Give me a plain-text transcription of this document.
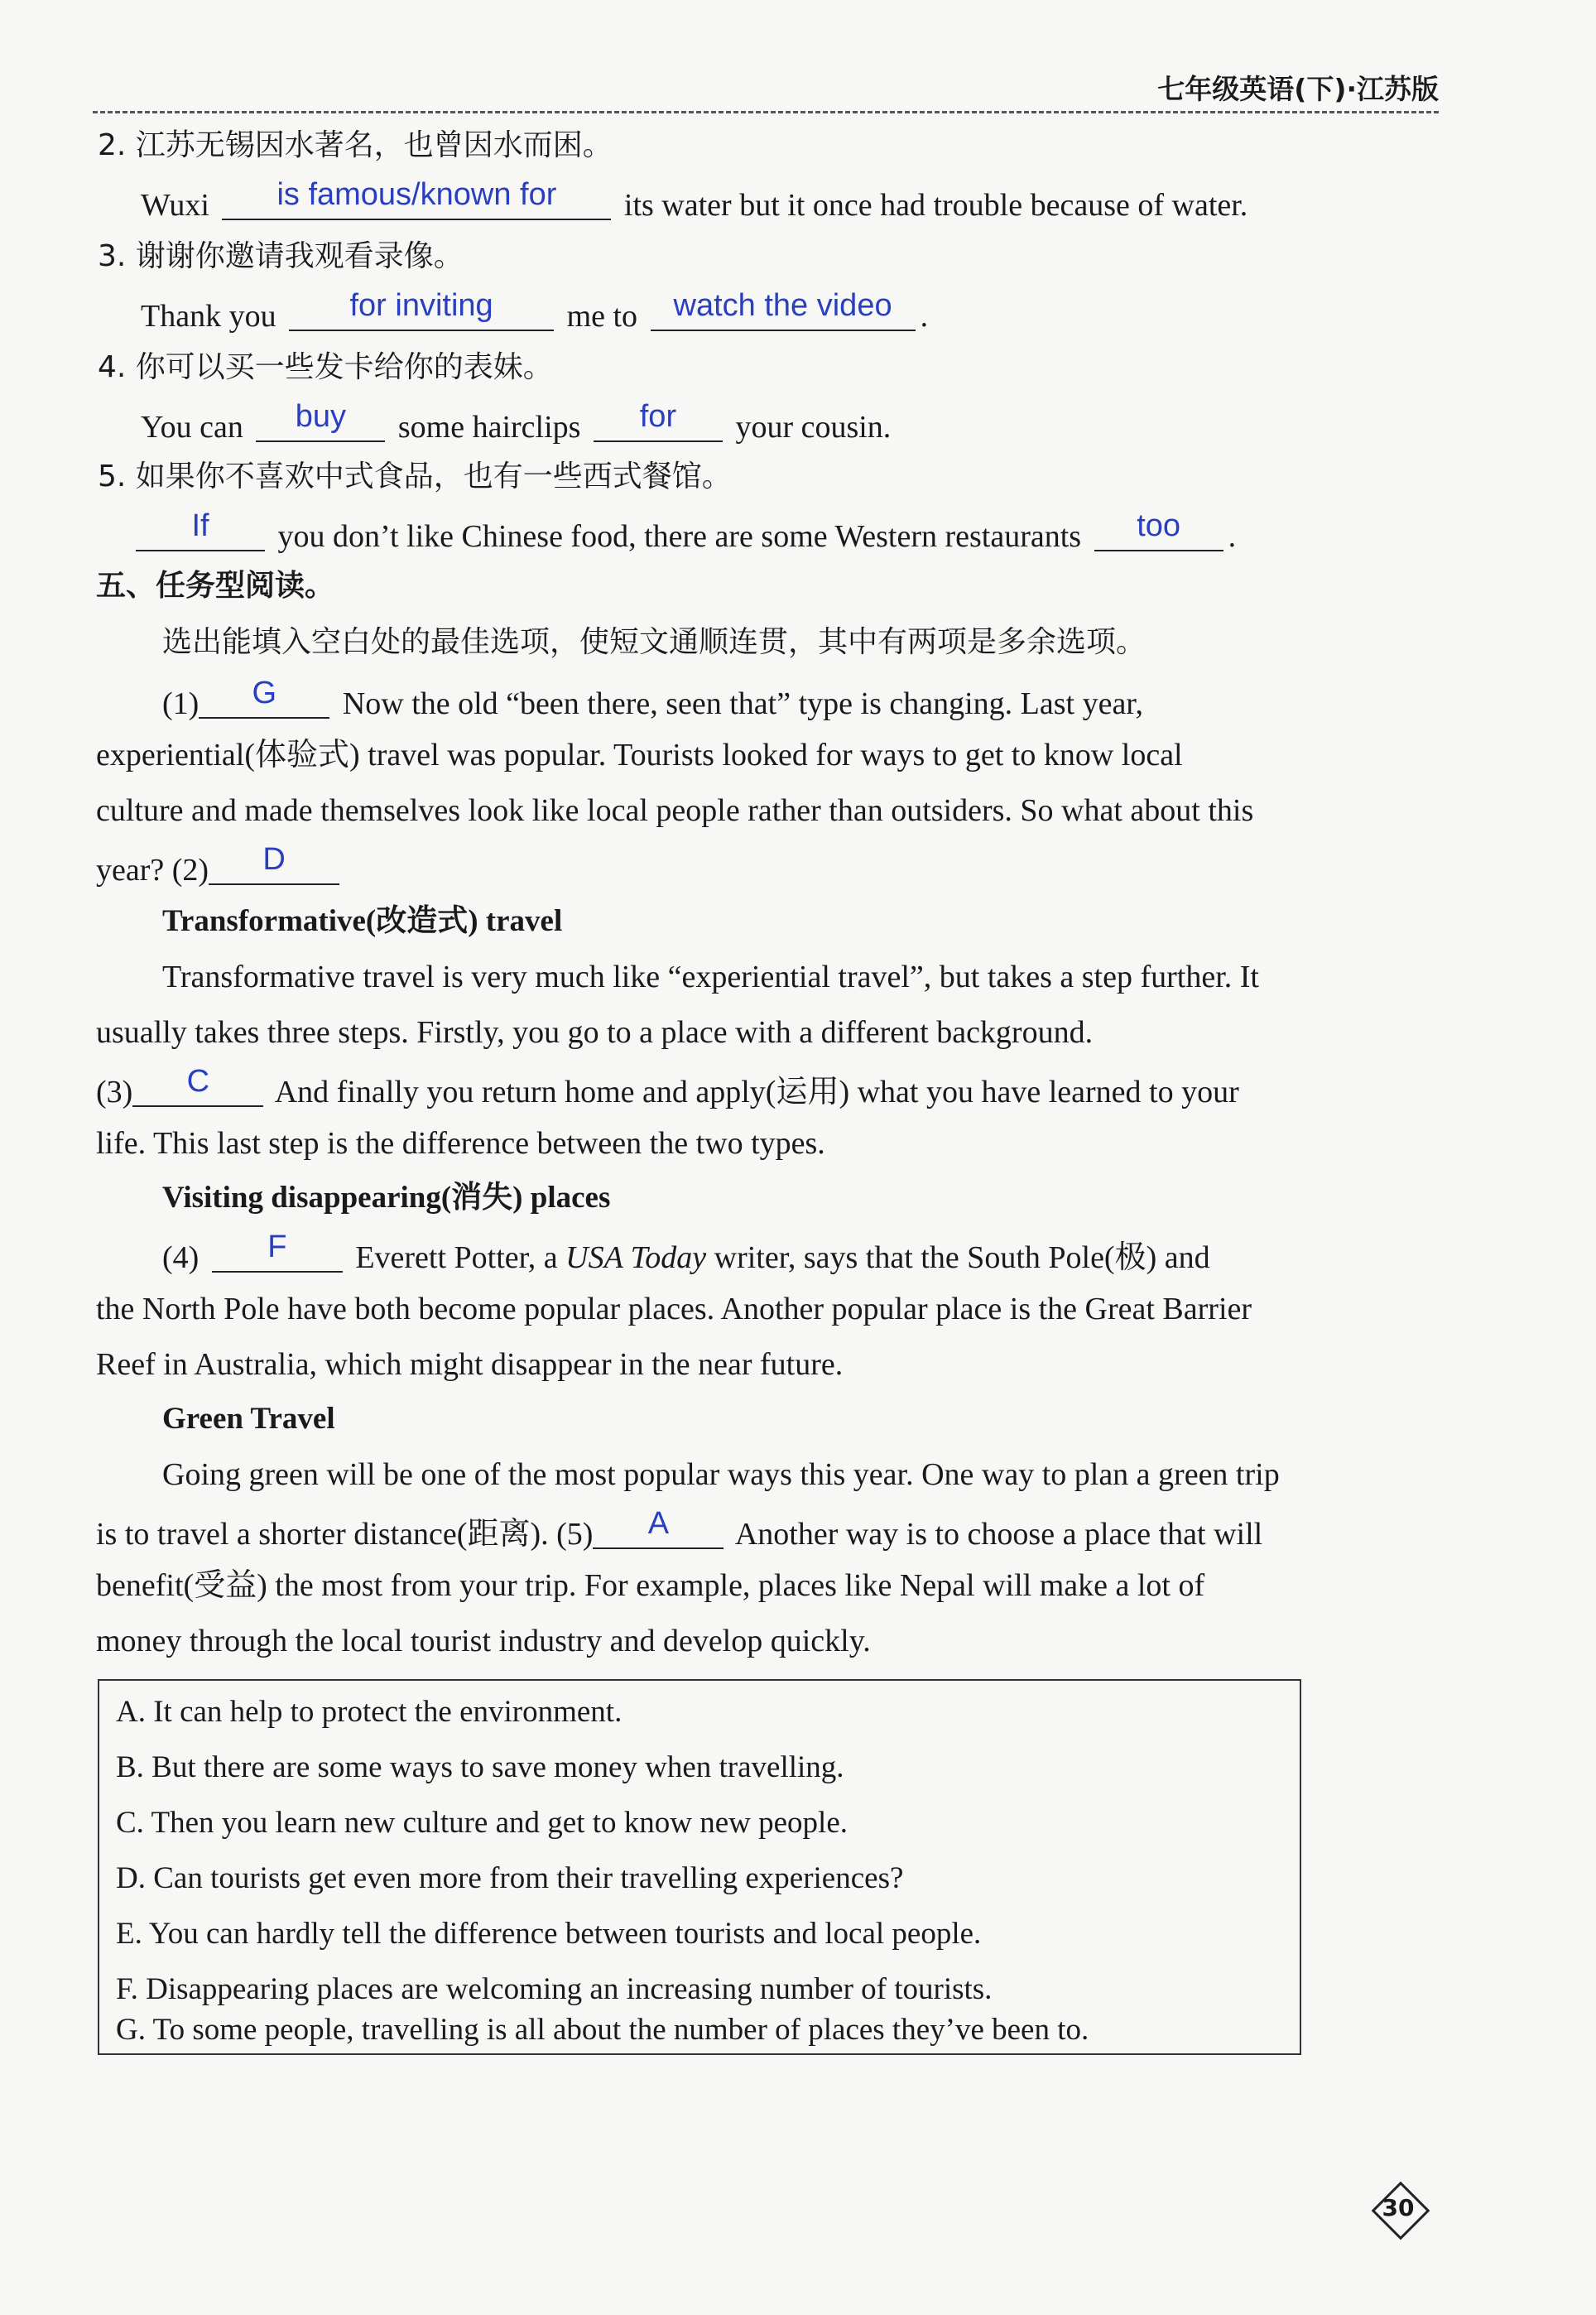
七年级英语(下)·江苏版
2. 江苏无锡因水著名，也曾因水而困。
Wuxi	is famous/known for	its water but it once had trouble because of water.
3. 谢谢你邀请我观看录像。
Thank you	for inviting	me to	watch the video .
4. 你可以买一些发卡给你的表妹。
You can	buy	some hairclips	for	your cousin.
5. 如果你不喜欢中式食品，也有一些西式餐馆。
If	you don’t like Chinese food, there are some Western restaurants	too	.
五、任务型阅读。
选出能填入空白处的最佳选项，使短文通顺连贯，其中有两项是多余选项。
(1)	G	Now the old “been there, seen that” type is changing. Last year,
experiential(体验式) travel was popular. Tourists looked for ways to get to know local
culture and made themselves look like local people rather than outsiders. So what about this
year? (2)	D
Transformative(改造式) travel
Transformative travel is very much like “experiential travel”, but takes a step further. It
usually takes three steps. Firstly, you go to a place with a different background.
(3)	C	And finally you return home and apply(运用) what you have learned to your
life. This last step is the difference between the two types.
Visiting disappearing(消失) places
(4)	F	Everett Potter, a USA Today writer, says that the South Pole(极) and
the North Pole have both become popular places. Another popular place is the Great Barrier
Reef in Australia, which might disappear in the near future.
Green Travel
Going green will be one of the most popular ways this year. One way to plan a green trip
is to travel a shorter distance(距离). (5)	A	Another way is to choose a place that will
benefit(受益) the most from your trip. For example, places like Nepal will make a lot of
money through the local tourist industry and develop quickly.
A. It can help to protect the environment.
B. But there are some ways to save money when travelling.
C. Then you learn new culture and get to know new people.
D. Can tourists get even more from their travelling experiences?
E. You can hardly tell the difference between tourists and local people.
F. Disappearing places are welcoming an increasing number of tourists.
G. To some people, travelling is all about the number of places they’ve been to.
30
